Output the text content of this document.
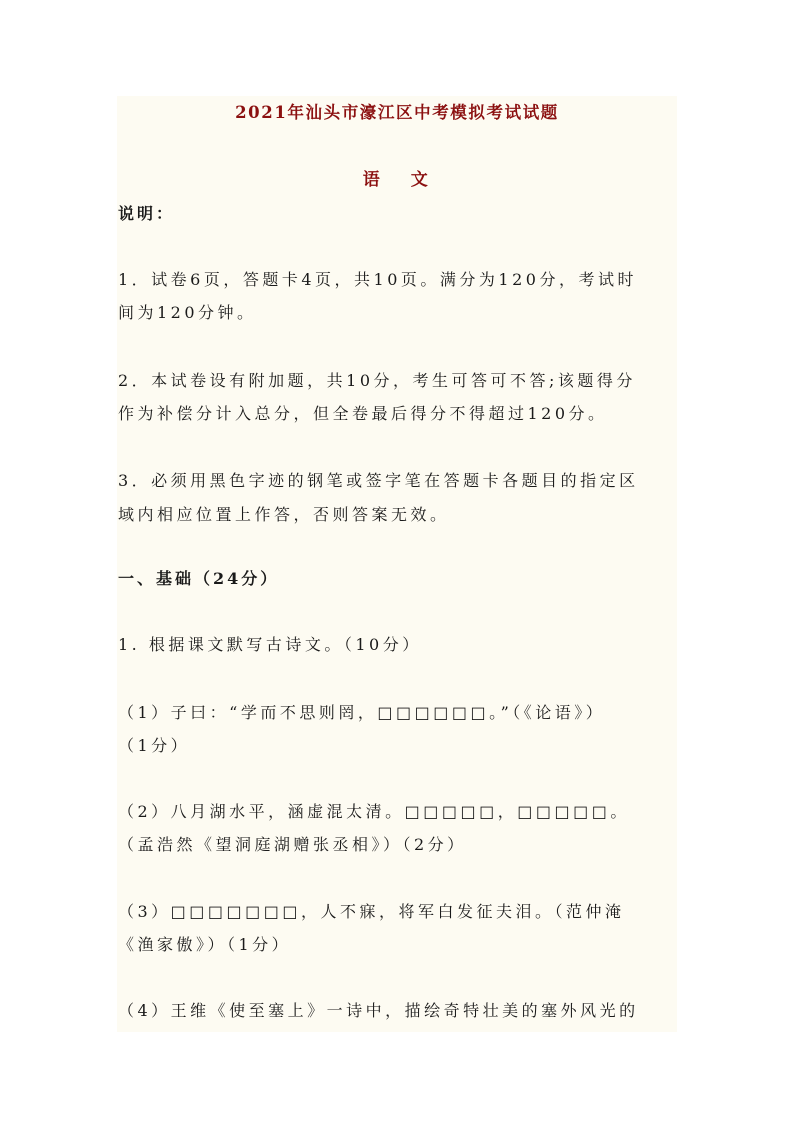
2021年汕头市濠江区中考模拟考试试题

语 文

说明：

1．试卷6页，答题卡4页，共10页。满分为120分，考试时

间为120分钟。

2．本试卷设有附加题，共10分，考生可答可不答;该题得分

作为补偿分计入总分，但全卷最后得分不得超过120分。

3．必须用黑色字迹的钢笔或签字笔在答题卡各题目的指定区

域内相应位置上作答，否则答案无效。

一、基础（24分）

1. 根据课文默写古诗文。（10分）

（1）子曰：“学而不思则罔，□□□□□□。”（《论语》）

（1分）

（2）八月湖水平，涵虚混太清。□□□□□，□□□□□。

（孟浩然《望洞庭湖赠张丞相》）（2分）

（3）□□□□□□□，人不寐，将军白发征夫泪。（范仲淹

《渔家傲》）（1分）

（4）王维《使至塞上》一诗中，描绘奇特壮美的塞外风光的
